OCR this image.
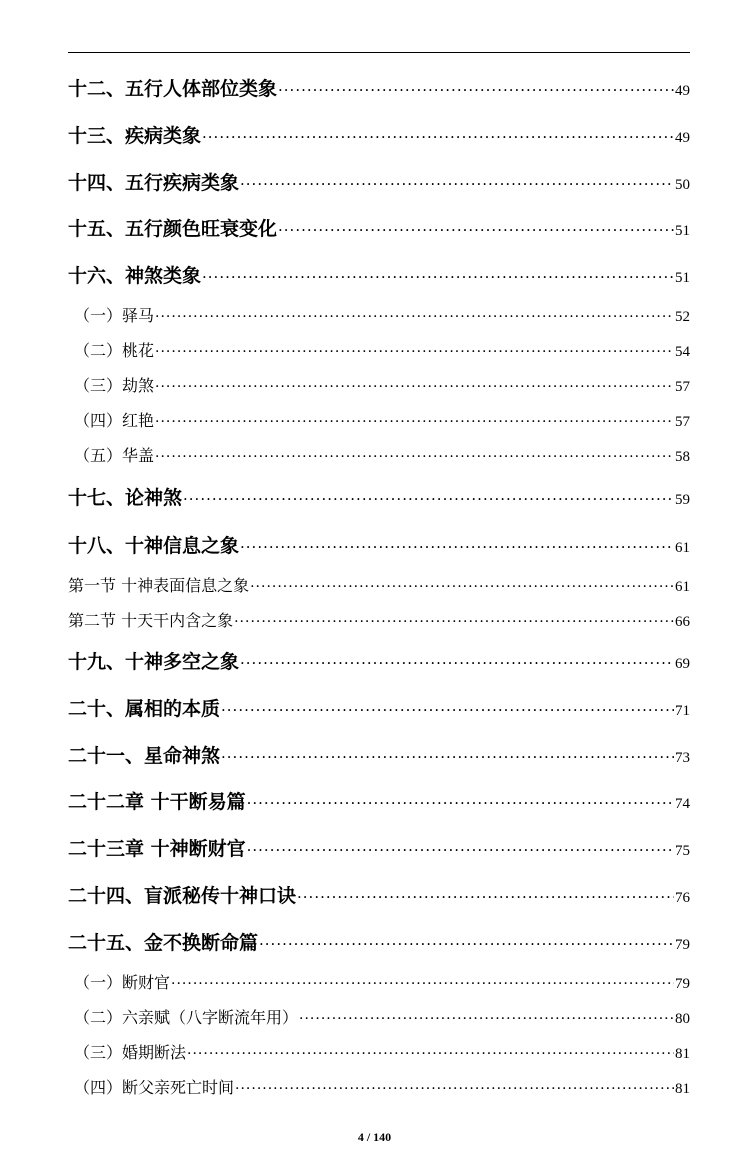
十二、五行人体部位类象 ·····	49
十三、疾病类象 ·····	49
十四、五行疾病类象 ·····	50
十五、五行颜色旺衰变化 ·····	51
十六、神煞类象 ·····	51
（一）驿马 ·····	52
（二）桃花 ·····	54
（三）劫煞 ·····	57
（四）红艳 ·····	57
（五）华盖 ·····	58
十七、论神煞 ·····	59
十八、十神信息之象 ·····	61
第一节 十神表面信息之象 ·····	61
第二节 十天干内含之象 ·····	66
十九、十神多空之象 ·····	69
二十、属相的本质 ·····	71
二十一、星命神煞 ·····	73
二十二章 十干断易篇 ·····	74
二十三章 十神断财官 ·····	75
二十四、盲派秘传十神口诀 ·····	76
二十五、金不换断命篇 ·····	79
（一）断财官 ·····	79
（二）六亲赋（八字断流年用） ·····	80
（三）婚期断法 ·····	81
（四）断父亲死亡时间 ·····	81
4 / 140
